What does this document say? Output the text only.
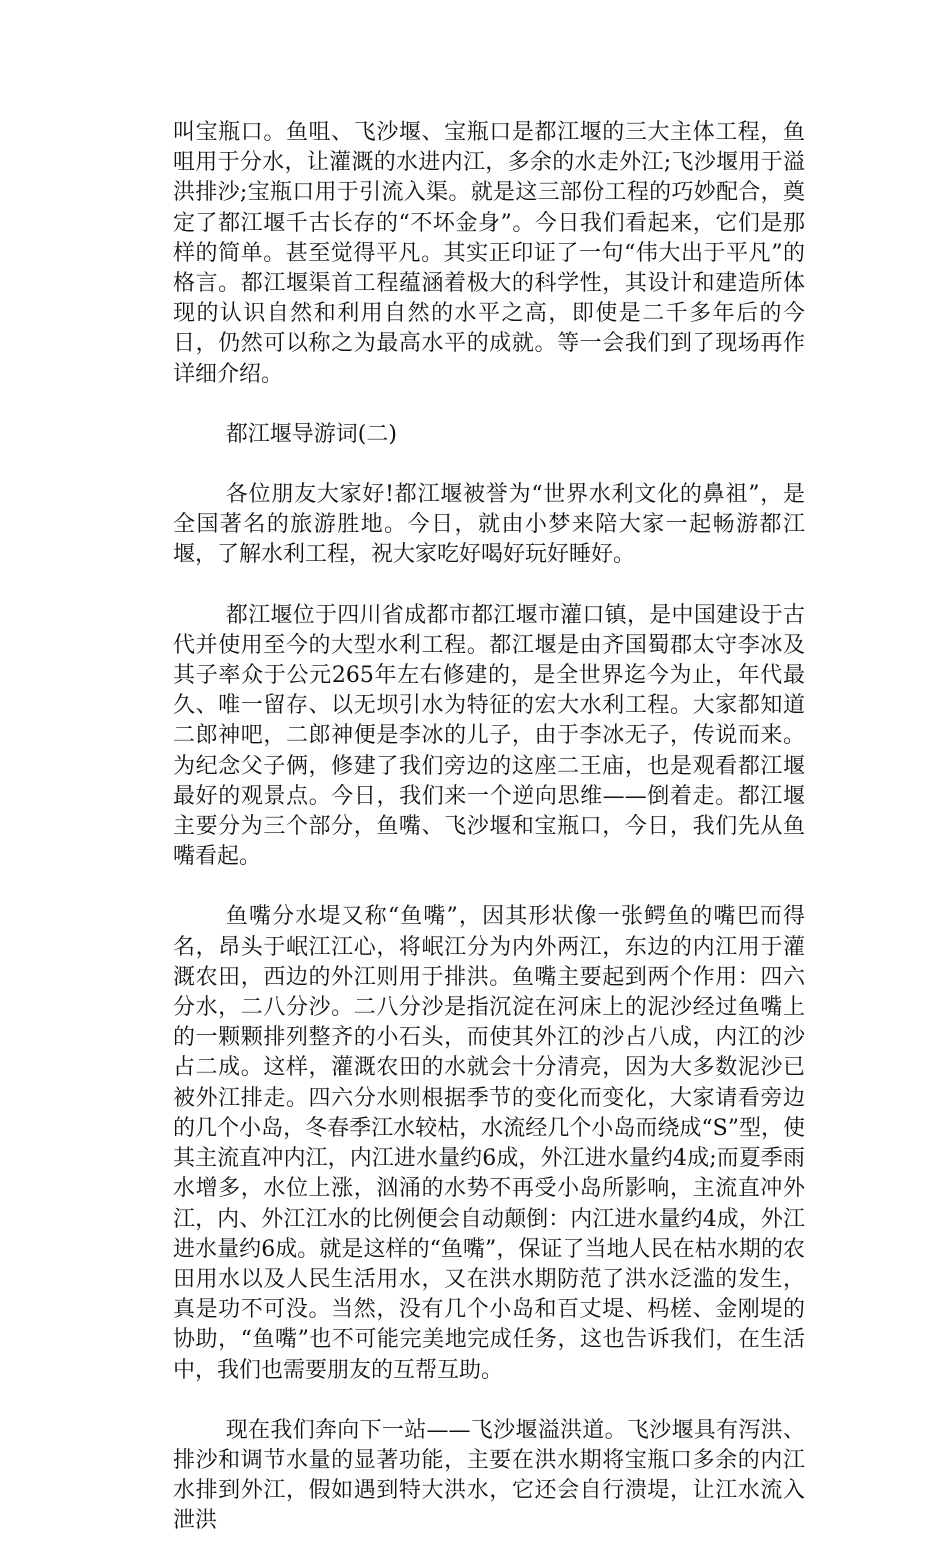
叫宝瓶口。鱼咀、飞沙堰、宝瓶口是都江堰的三大主体工程，鱼咀用于分水，让灌溉的水进内江，多余的水走外江;飞沙堰用于溢洪排沙;宝瓶口用于引流入渠。就是这三部份工程的巧妙配合，奠定了都江堰千古长存的“不坏金身”。今日我们看起来，它们是那样的简单。甚至觉得平凡。其实正印证了一句“伟大出于平凡”的格言。都江堰渠首工程蕴涵着极大的科学性，其设计和建造所体现的认识自然和利用自然的水平之高，即使是二千多年后的今日，仍然可以称之为最高水平的成就。等一会我们到了现场再作详细介绍。

都江堰导游词(二)

各位朋友大家好!都江堰被誉为“世界水利文化的鼻祖”，是全国著名的旅游胜地。今日，就由小梦来陪大家一起畅游都江堰，了解水利工程，祝大家吃好喝好玩好睡好。

都江堰位于四川省成都市都江堰市灌口镇，是中国建设于古代并使用至今的大型水利工程。都江堰是由齐国蜀郡太守李冰及其子率众于公元265年左右修建的，是全世界迄今为止，年代最久、唯一留存、以无坝引水为特征的宏大水利工程。大家都知道二郎神吧，二郎神便是李冰的儿子，由于李冰无子，传说而来。为纪念父子俩，修建了我们旁边的这座二王庙，也是观看都江堰最好的观景点。今日，我们来一个逆向思维——倒着走。都江堰主要分为三个部分，鱼嘴、飞沙堰和宝瓶口，今日，我们先从鱼嘴看起。

鱼嘴分水堤又称“鱼嘴”，因其形状像一张鳄鱼的嘴巴而得名，昂头于岷江江心，将岷江分为内外两江，东边的内江用于灌溉农田，西边的外江则用于排洪。鱼嘴主要起到两个作用：四六分水，二八分沙。二八分沙是指沉淀在河床上的泥沙经过鱼嘴上的一颗颗排列整齐的小石头，而使其外江的沙占八成，内江的沙占二成。这样，灌溉农田的水就会十分清亮，因为大多数泥沙已被外江排走。四六分水则根据季节的变化而变化，大家请看旁边的几个小岛，冬春季江水较枯，水流经几个小岛而绕成“S”型，使其主流直冲内江，内江进水量约6成，外江进水量约4成;而夏季雨水增多，水位上涨，汹涌的水势不再受小岛所影响，主流直冲外江，内、外江江水的比例便会自动颠倒：内江进水量约4成，外江进水量约6成。就是这样的“鱼嘴”，保证了当地人民在枯水期的农田用水以及人民生活用水，又在洪水期防范了洪水泛滥的发生，真是功不可没。当然，没有几个小岛和百丈堤、杩槎、金刚堤的协助，“鱼嘴”也不可能完美地完成任务，这也告诉我们，在生活中，我们也需要朋友的互帮互助。

现在我们奔向下一站——飞沙堰溢洪道。飞沙堰具有泻洪、排沙和调节水量的显著功能，主要在洪水期将宝瓶口多余的内江水排到外江，假如遇到特大洪水，它还会自行溃堤，让江水流入泄洪
